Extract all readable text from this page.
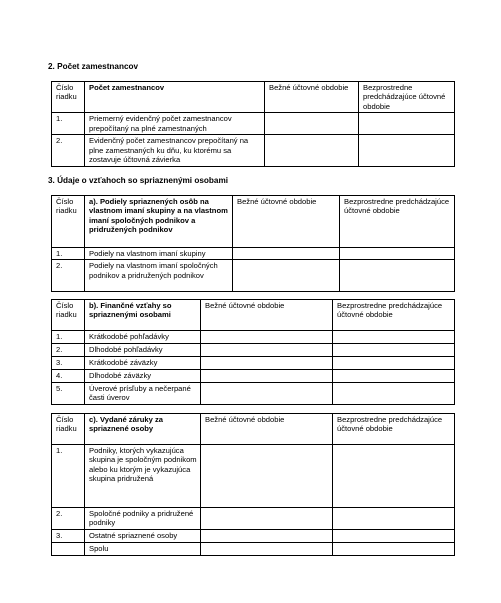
2. Počet zamestnancov
Číslo riadku	Počet zamestnancov	Bežné účtovné obdobie	Bezprostredne predchádzajúce účtovné obdobie
1.	Priemerný evidenčný počet zamestnancov prepočítaný na plné zamestnaných		
2.	Evidenčný počet zamestnancov prepočítaný na plne zamestnaných ku dňu, ku ktorému sa zostavuje účtovná závierka		
3. Údaje o vzťahoch so spriaznenými osobami
Číslo riadku	a). Podiely spriaznených osôb na vlastnom imaní skupiny a na vlastnom imaní spoločných podnikov a pridružených podnikov	Bežné účtovné obdobie	Bezprostredne predchádzajúce účtovné obdobie
1.	Podiely na vlastnom imaní skupiny		
2.	Podiely na vlastnom imaní spoločných podnikov a pridružených podnikov		
Číslo riadku	b). Finančné vzťahy so spriaznenými osobami	Bežné účtovné obdobie	Bezprostredne predchádzajúce účtovné obdobie
1.	Krátkodobé pohľadávky		
2.	Dlhodobé pohľadávky		
3.	Krátkodobé záväzky		
4.	Dlhodobé záväzky		
5.	Úverové prísľuby a nečerpané časti úverov		
Číslo riadku	c). Vydané záruky za spriaznené osoby	Bežné účtovné obdobie	Bezprostredne predchádzajúce účtovné obdobie
1.	Podniky, ktorých vykazujúca skupina je spoločným podnikom alebo ku ktorým je vykazujúca skupina pridružená		
2.	Spoločné podniky a pridružené podniky		
3.	Ostatné spriaznené osoby		
	Spolu		
